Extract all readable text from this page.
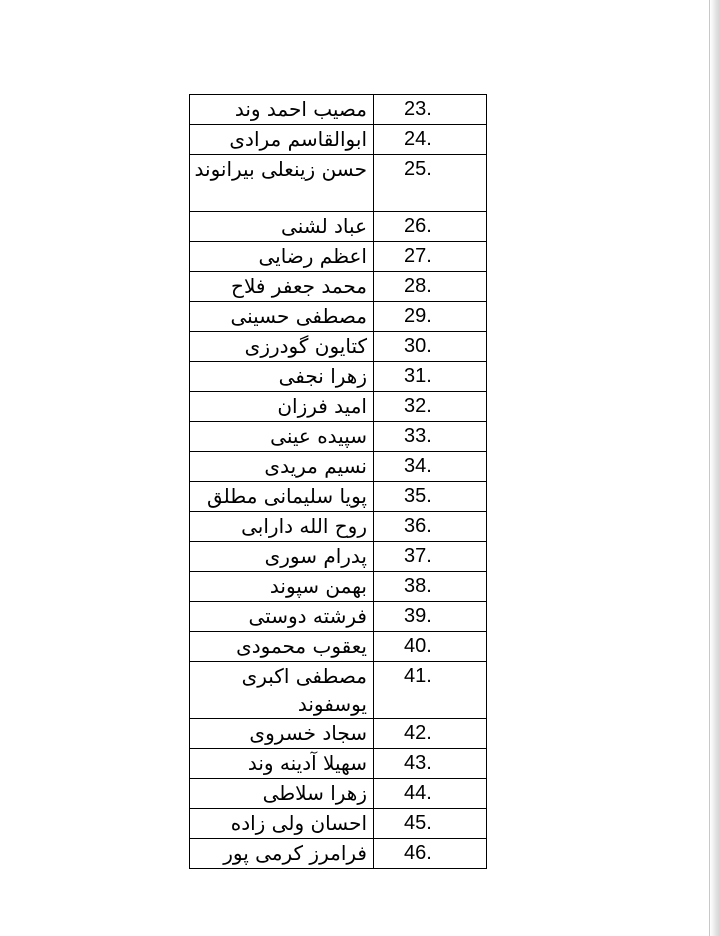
مصیب احمد وند	23.
ابوالقاسم مرادی	24.
حسن زینعلی بیرانوند	25.
عباد لشنی	26.
اعظم رضایی	27.
محمد جعفر فلاح	28.
مصطفی حسینی	29.
کتایون گودرزی	30.
زهرا نجفی	31.
امید فرزان	32.
سپیده عینی	33.
نسیم مریدی	34.
پویا سلیمانی مطلق	35.
روح الله دارابی	36.
پدرام سوری	37.
بهمن سپوند	38.
فرشته دوستی	39.
یعقوب محمودی	40.
مصطفی اکبری یوسفوند	41.
سجاد خسروی	42.
سهیلا آدینه وند	43.
زهرا سلاطی	44.
احسان ولی زاده	45.
فرامرز کرمی پور	46.
